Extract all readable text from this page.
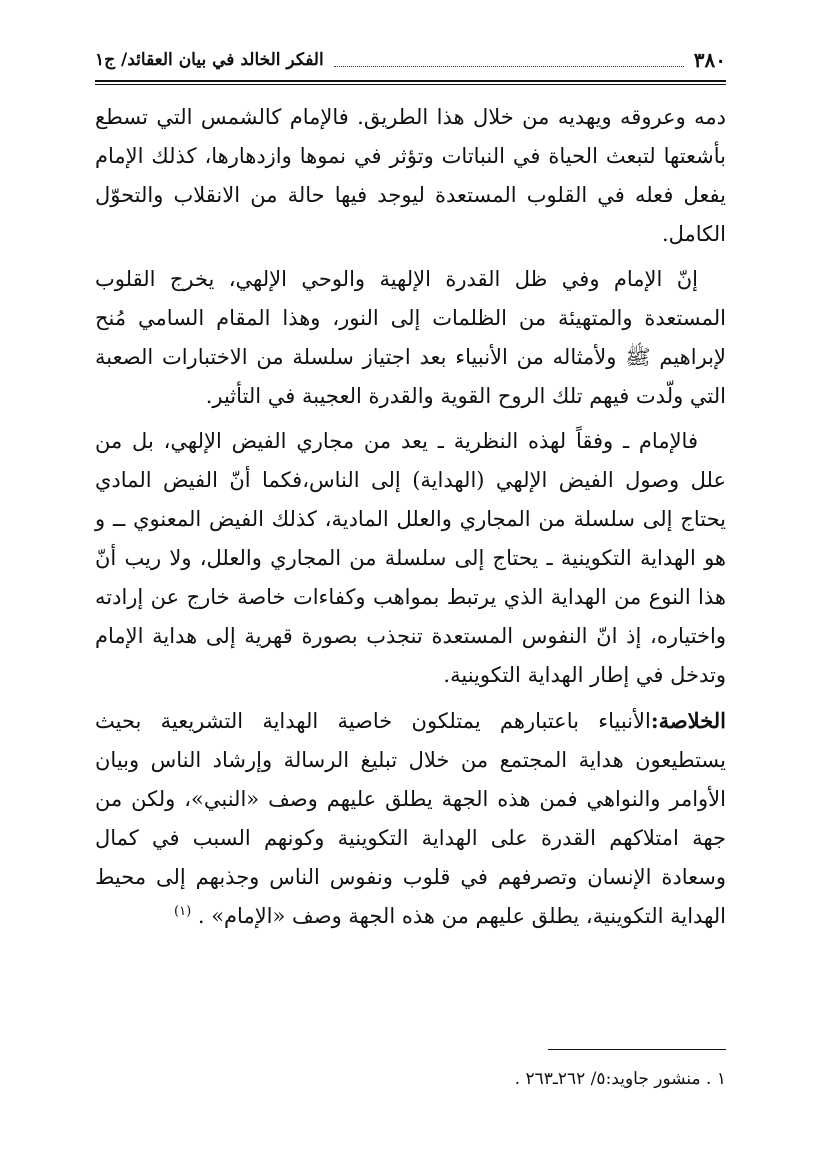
٣٨٠
الفكر الخالد في بيان العقائد/ ج١

دمه وعروقه ويهديه من خلال هذا الطريق. فالإمام كالشمس التي تسطع بأشعتها لتبعث الحياة في النباتات وتؤثر في نموها وازدهارها، كذلك الإمام يفعل فعله في القلوب المستعدة ليوجد فيها حالة من الانقلاب والتحوّل الكامل.

إنّ الإمام وفي ظل القدرة الإلهية والوحي الإلهي، يخرج القلوب المستعدة والمتهيئة من الظلمات إلى النور، وهذا المقام السامي مُنح لإبراهيم ﷺ ولأمثاله من الأنبياء بعد اجتياز سلسلة من الاختبارات الصعبة التي ولّدت فيهم تلك الروح القوية والقدرة العجيبة في التأثير.

فالإمام ـ وفقاً لهذه النظرية ـ يعد من مجاري الفيض الإلهي، بل من علل وصول الفيض الإلهي (الهداية) إلى الناس،فكما أنّ الفيض المادي يحتاج إلى سلسلة من المجاري والعلل المادية، كذلك الفيض المعنوي ــ و هو الهداية التكوينية ـ يحتاج إلى سلسلة من المجاري والعلل، ولا ريب أنّ هذا النوع من الهداية الذي يرتبط بمواهب وكفاءات خاصة خارج عن إرادته واختياره، إذ انّ النفوس المستعدة تنجذب بصورة قهرية إلى هداية الإمام وتدخل في إطار الهداية التكوينية.

الخلاصة:الأنبياء باعتبارهم يمتلكون خاصية الهداية التشريعية بحيث يستطيعون هداية المجتمع من خلال تبليغ الرسالة وإرشاد الناس وبيان الأوامر والنواهي فمن هذه الجهة يطلق عليهم وصف «النبي»، ولكن من جهة امتلاكهم القدرة على الهداية التكوينية وكونهم السبب في كمال وسعادة الإنسان وتصرفهم في قلوب ونفوس الناس وجذبهم إلى محيط الهداية التكوينية، يطلق عليهم من هذه الجهة وصف «الإمام» . $^{(١)}$

١ . منشور جاويد:٥/ ٢٦٢ـ٢٦٣ .
